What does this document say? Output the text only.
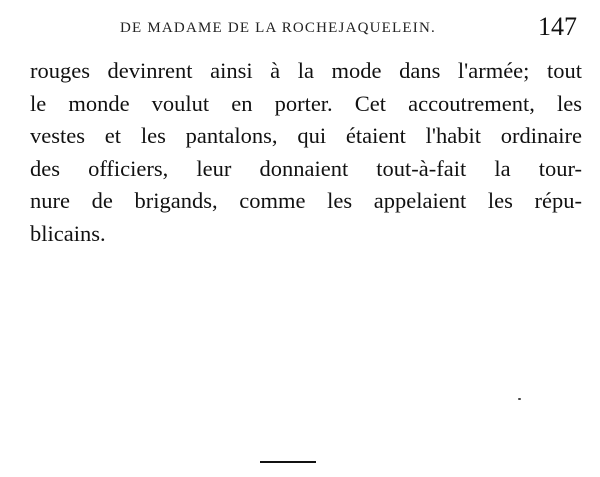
DE MADAME DE LA ROCHEJAQUELEIN.	147
rouges devinrent ainsi à la mode dans l'armée; tout
le monde voulut en porter. Cet accoutrement, les
vestes et les pantalons, qui étaient l'habit ordinaire
des officiers, leur donnaient tout-à-fait la tour-
nure de brigands, comme les appelaient les répu-
blicains.
